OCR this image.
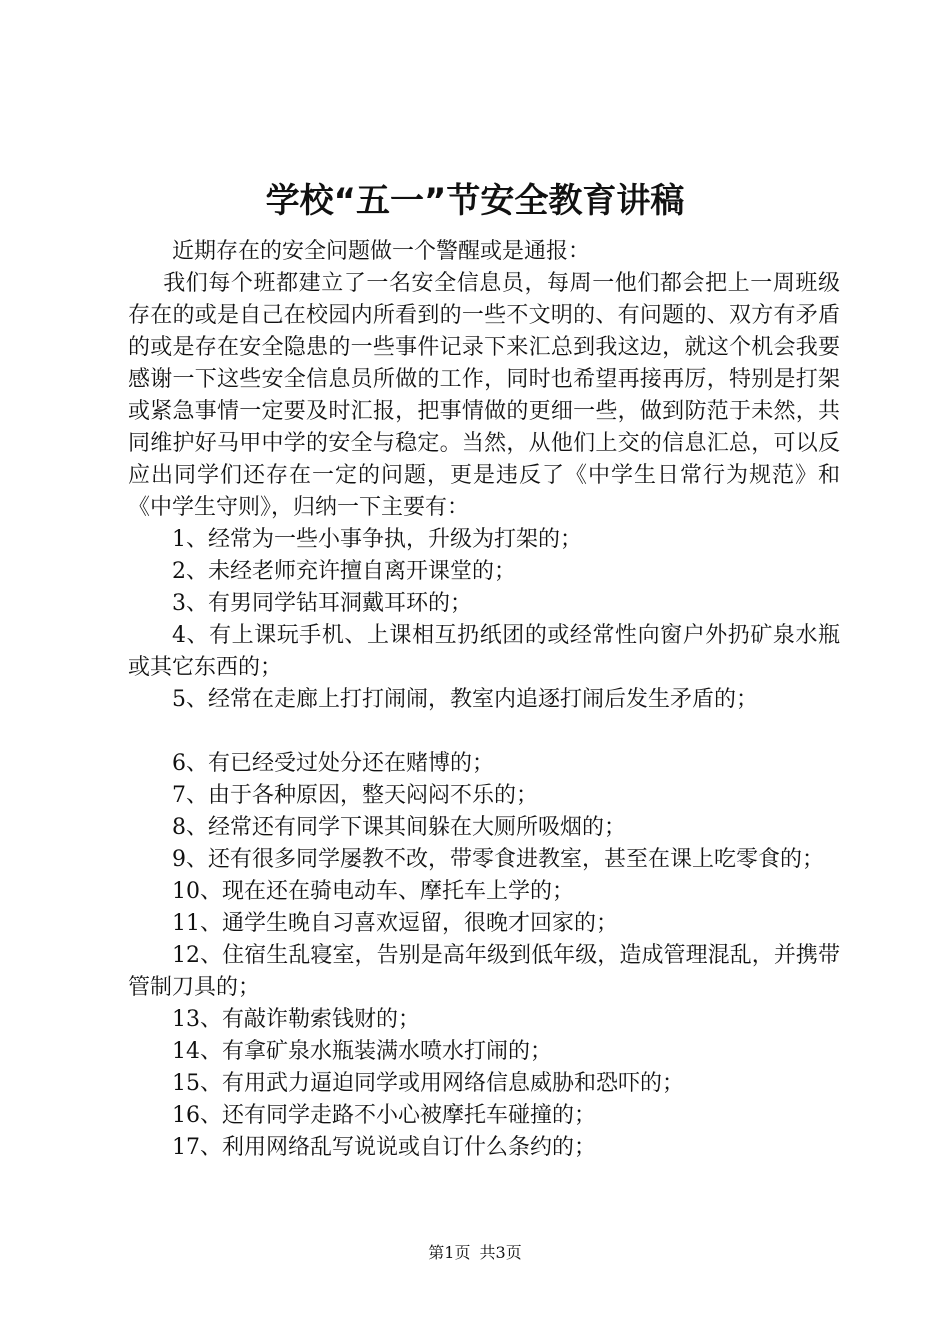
学校“五一”节安全教育讲稿

近期存在的安全问题做一个警醒或是通报：

我们每个班都建立了一名安全信息员，每周一他们都会把上一周班级存在的或是自己在校园内所看到的一些不文明的、有问题的、双方有矛盾的或是存在安全隐患的一些事件记录下来汇总到我这边，就这个机会我要感谢一下这些安全信息员所做的工作，同时也希望再接再厉，特别是打架或紧急事情一定要及时汇报，把事情做的更细一些，做到防范于未然，共同维护好马甲中学的安全与稳定。当然，从他们上交的信息汇总，可以反应出同学们还存在一定的问题，更是违反了《中学生日常行为规范》和《中学生守则》，归纳一下主要有：

1、经常为一些小事争执，升级为打架的；

2、未经老师充许擅自离开课堂的；

3、有男同学钻耳洞戴耳环的；

4、有上课玩手机、上课相互扔纸团的或经常性向窗户外扔矿泉水瓶或其它东西的；

5、经常在走廊上打打闹闹，教室内追逐打闹后发生矛盾的；

6、有已经受过处分还在赌博的；

7、由于各种原因，整天闷闷不乐的；

8、经常还有同学下课其间躲在大厕所吸烟的；

9、还有很多同学屡教不改，带零食进教室，甚至在课上吃零食的；

10、现在还在骑电动车、摩托车上学的；

11、通学生晚自习喜欢逗留，很晚才回家的；

12、住宿生乱寝室，告别是高年级到低年级，造成管理混乱，并携带管制刀具的；

13、有敲诈勒索钱财的；

14、有拿矿泉水瓶装满水喷水打闹的；

15、有用武力逼迫同学或用网络信息威胁和恐吓的；

16、还有同学走路不小心被摩托车碰撞的；

17、利用网络乱写说说或自订什么条约的；

第1页 共3页
